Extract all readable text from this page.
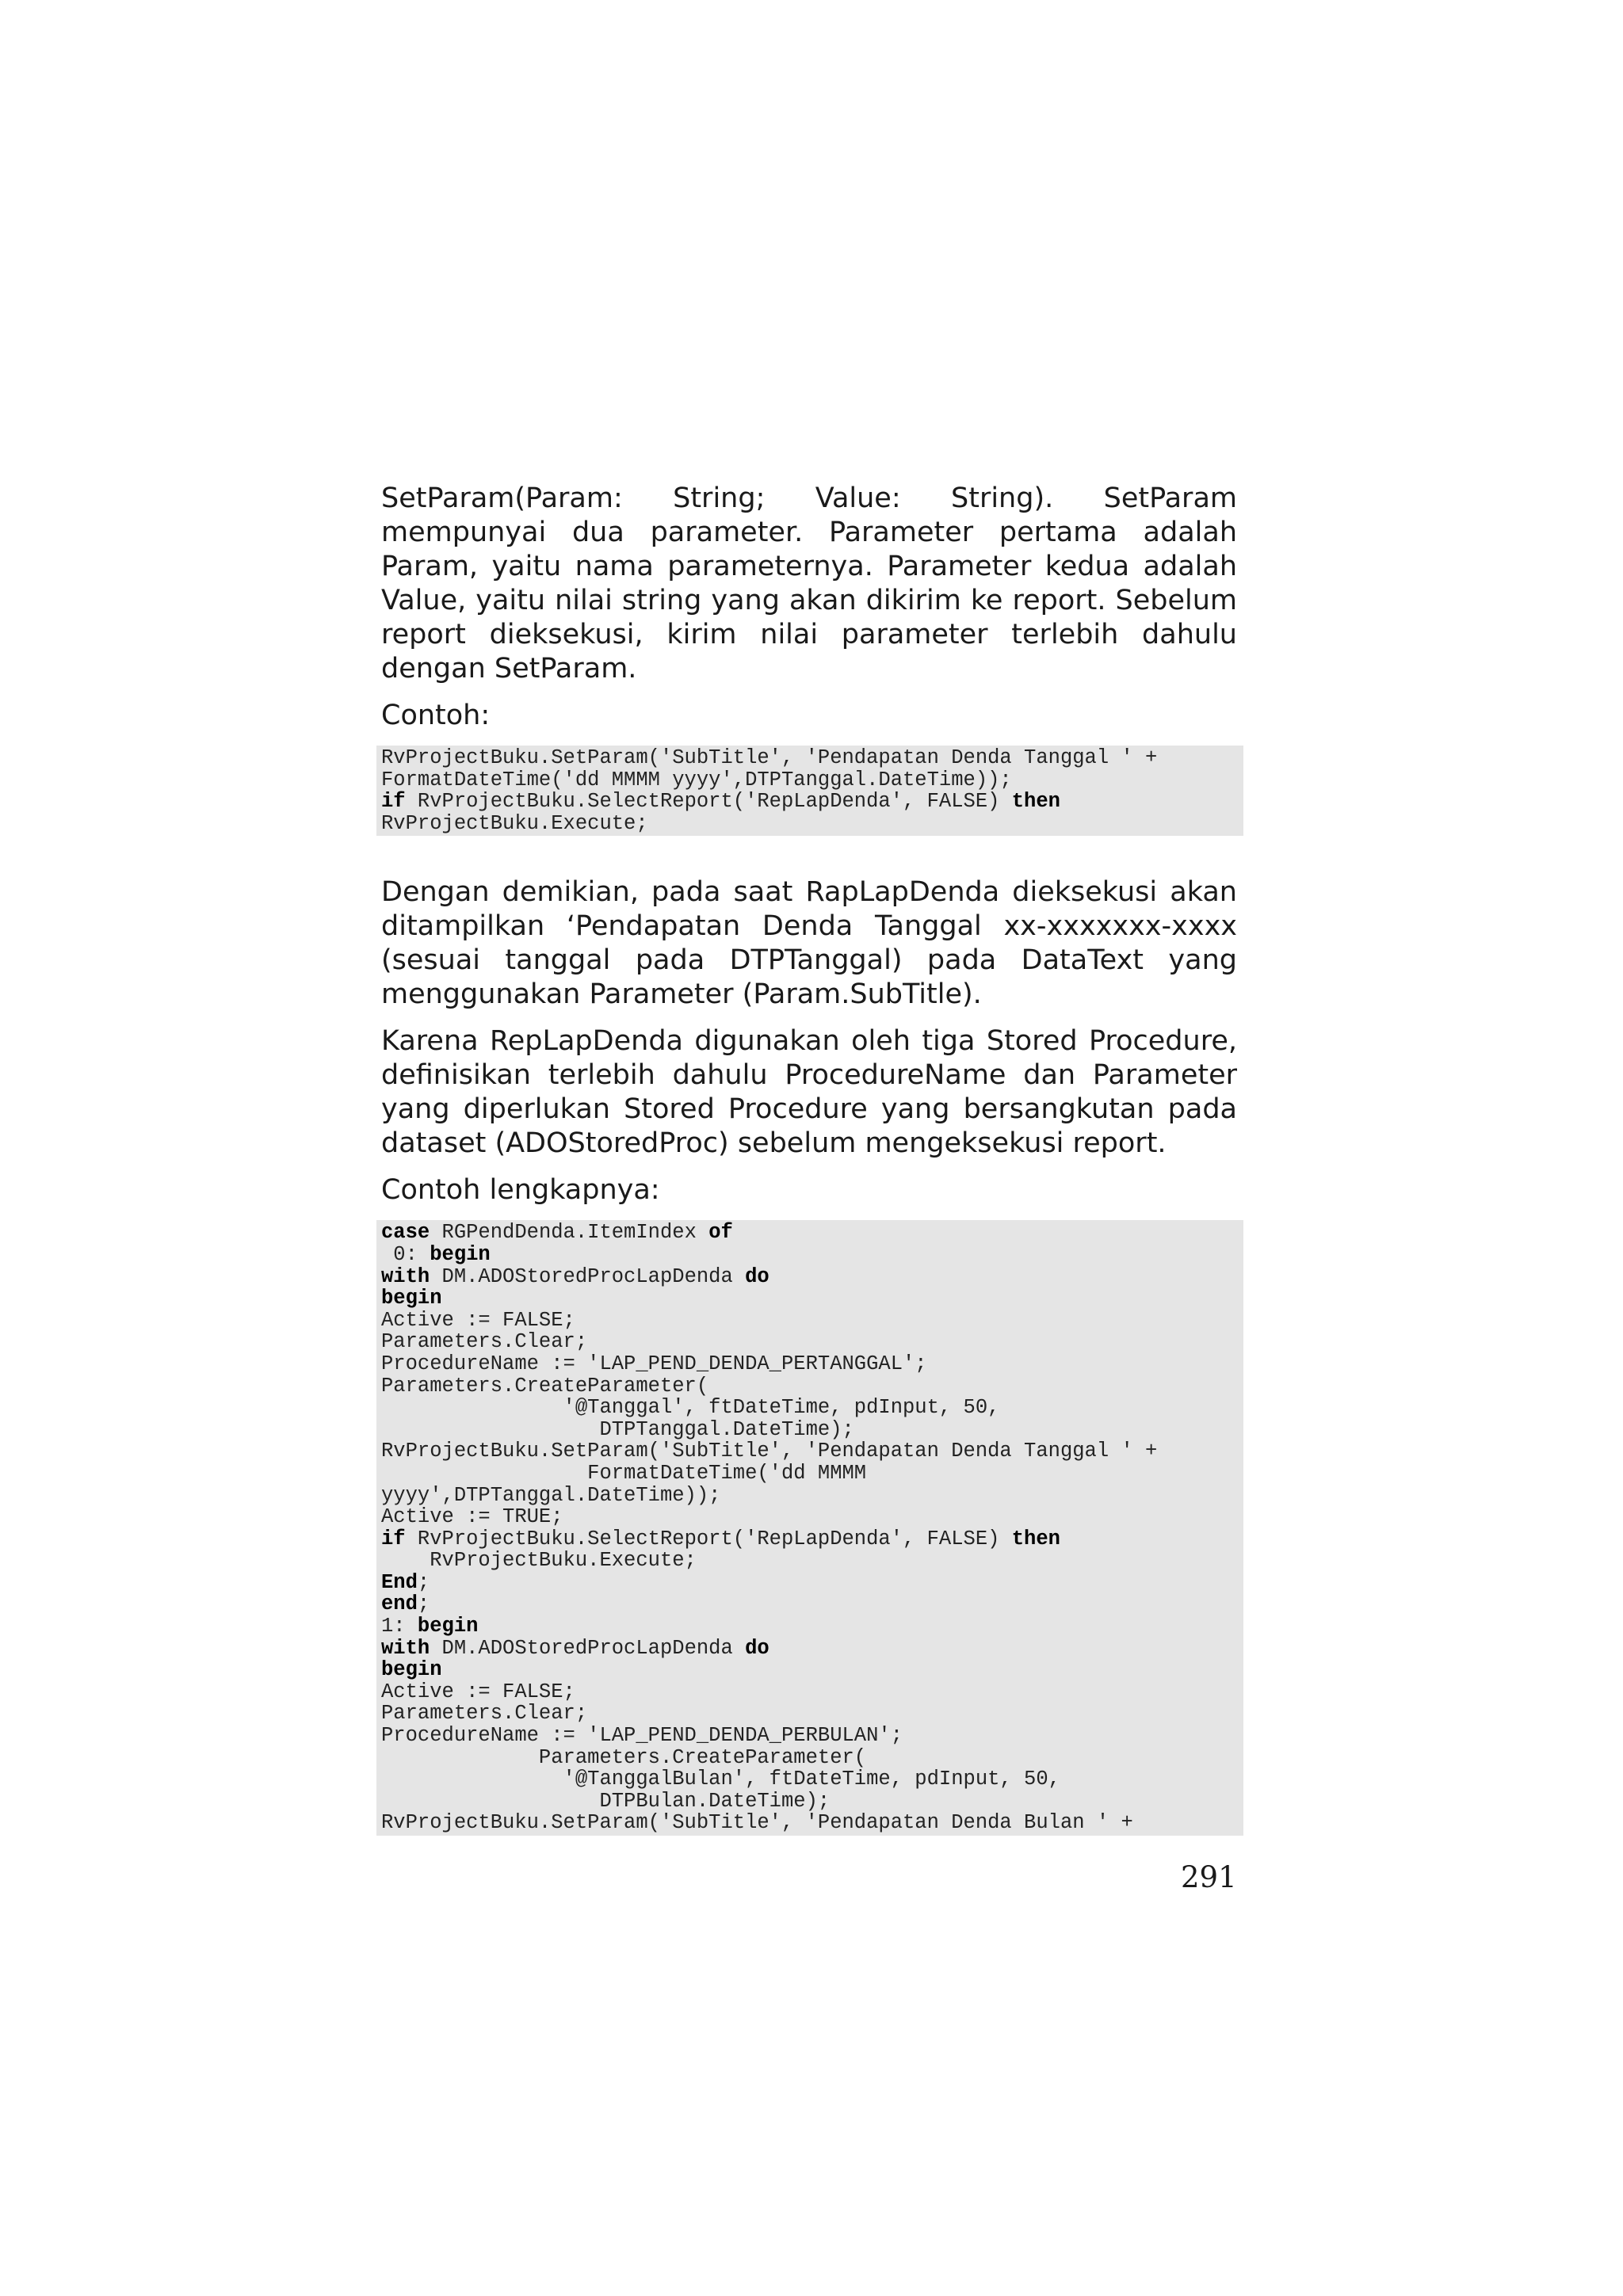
SetParam(Param: String; Value: String). SetParam mempunyai dua parameter. Parameter pertama adalah Param, yaitu nama parameternya. Parameter kedua adalah Value, yaitu nilai string yang akan dikirim ke report. Sebelum report dieksekusi, kirim nilai parameter terlebih dahulu dengan SetParam.

Contoh:

RvProjectBuku.SetParam('SubTitle', 'Pendapatan Denda Tanggal ' +
FormatDateTime('dd MMMM yyyy',DTPTanggal.DateTime));
if RvProjectBuku.SelectReport('RepLapDenda', FALSE) then
RvProjectBuku.Execute;

Dengan demikian, pada saat RapLapDenda dieksekusi akan ditampilkan ‘Pendapatan Denda Tanggal xx-xxxxxxx-xxxx (sesuai tanggal pada DTPTanggal) pada DataText yang menggunakan Parameter (Param.SubTitle).

Karena RepLapDenda digunakan oleh tiga Stored Procedure, definisikan terlebih dahulu ProcedureName dan Parameter yang diperlukan Stored Procedure yang bersangkutan pada dataset (ADOStoredProc) sebelum mengeksekusi report.

Contoh lengkapnya:

case RGPendDenda.ItemIndex of
0: begin
with DM.ADOStoredProcLapDenda do
begin
Active := FALSE;
Parameters.Clear;
ProcedureName := 'LAP_PEND_DENDA_PERTANGGAL';
Parameters.CreateParameter(
'@Tanggal', ftDateTime, pdInput, 50,
DTPTanggal.DateTime);
RvProjectBuku.SetParam('SubTitle', 'Pendapatan Denda Tanggal ' +
FormatDateTime('dd MMMM
yyyy',DTPTanggal.DateTime));
Active := TRUE;
if RvProjectBuku.SelectReport('RepLapDenda', FALSE) then
RvProjectBuku.Execute;
End;
end;
1: begin
with DM.ADOStoredProcLapDenda do
begin
Active := FALSE;
Parameters.Clear;
ProcedureName := 'LAP_PEND_DENDA_PERBULAN';
Parameters.CreateParameter(
'@TanggalBulan', ftDateTime, pdInput, 50,
DTPBulan.DateTime);
RvProjectBuku.SetParam('SubTitle', 'Pendapatan Denda Bulan ' +
291
